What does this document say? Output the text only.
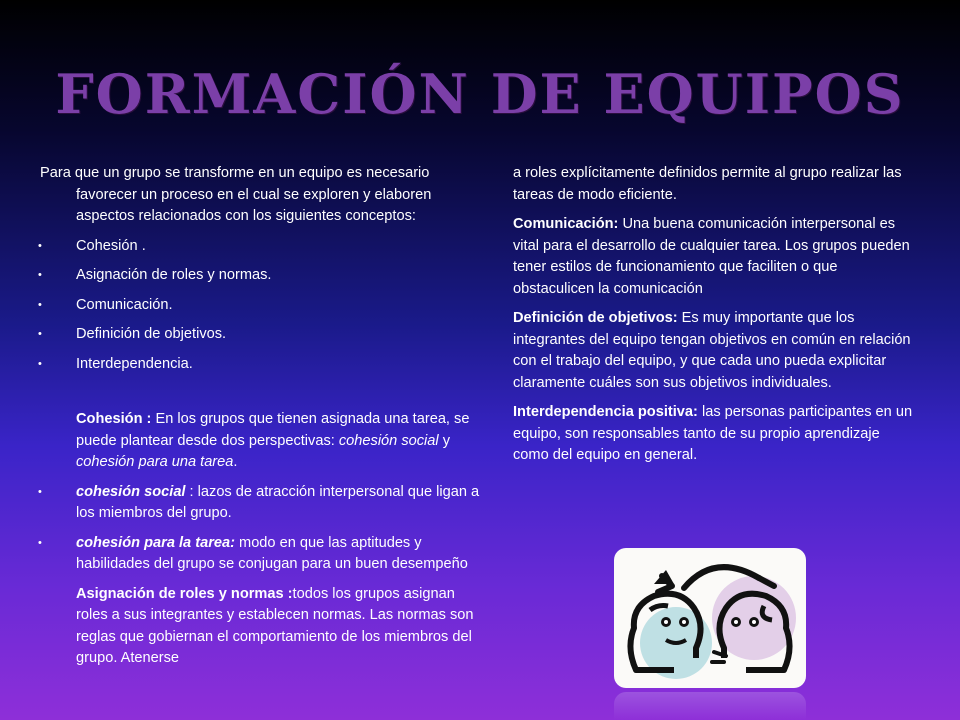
FORMACIÓN DE EQUIPOS

Para que un grupo se transforme en un equipo es necesario favorecer un proceso en el cual se exploren y elaboren aspectos relacionados con los siguientes conceptos:

• Cohesión .
• Asignación de roles y normas.
• Comunicación.
• Definición de objetivos.
• Interdependencia.

Cohesión : En los grupos que tienen asignada una tarea, se puede plantear desde dos perspectivas: cohesión social y cohesión para una tarea.

• cohesión social : lazos de atracción interpersonal que ligan a los miembros del grupo.
• cohesión para la tarea: modo en que las aptitudes y habilidades del grupo se conjugan para un buen desempeño

Asignación de roles y normas :todos los grupos asignan roles a sus integrantes y establecen normas. Las normas son reglas que gobiernan el comportamiento de los miembros del grupo. Atenerse

a roles explícitamente definidos permite al grupo realizar las tareas de modo eficiente.

Comunicación: Una buena comunicación interpersonal es vital para el desarrollo de cualquier tarea. Los grupos pueden tener estilos de funcionamiento que faciliten o que obstaculicen la comunicación

Definición de objetivos: Es muy importante que los integrantes del equipo tengan objetivos en común en relación con el trabajo del equipo, y que cada uno pueda explicitar claramente cuáles son sus objetivos individuales.

Interdependencia positiva: las personas participantes en un equipo, son responsables tanto de su propio aprendizaje como del equipo en general.
